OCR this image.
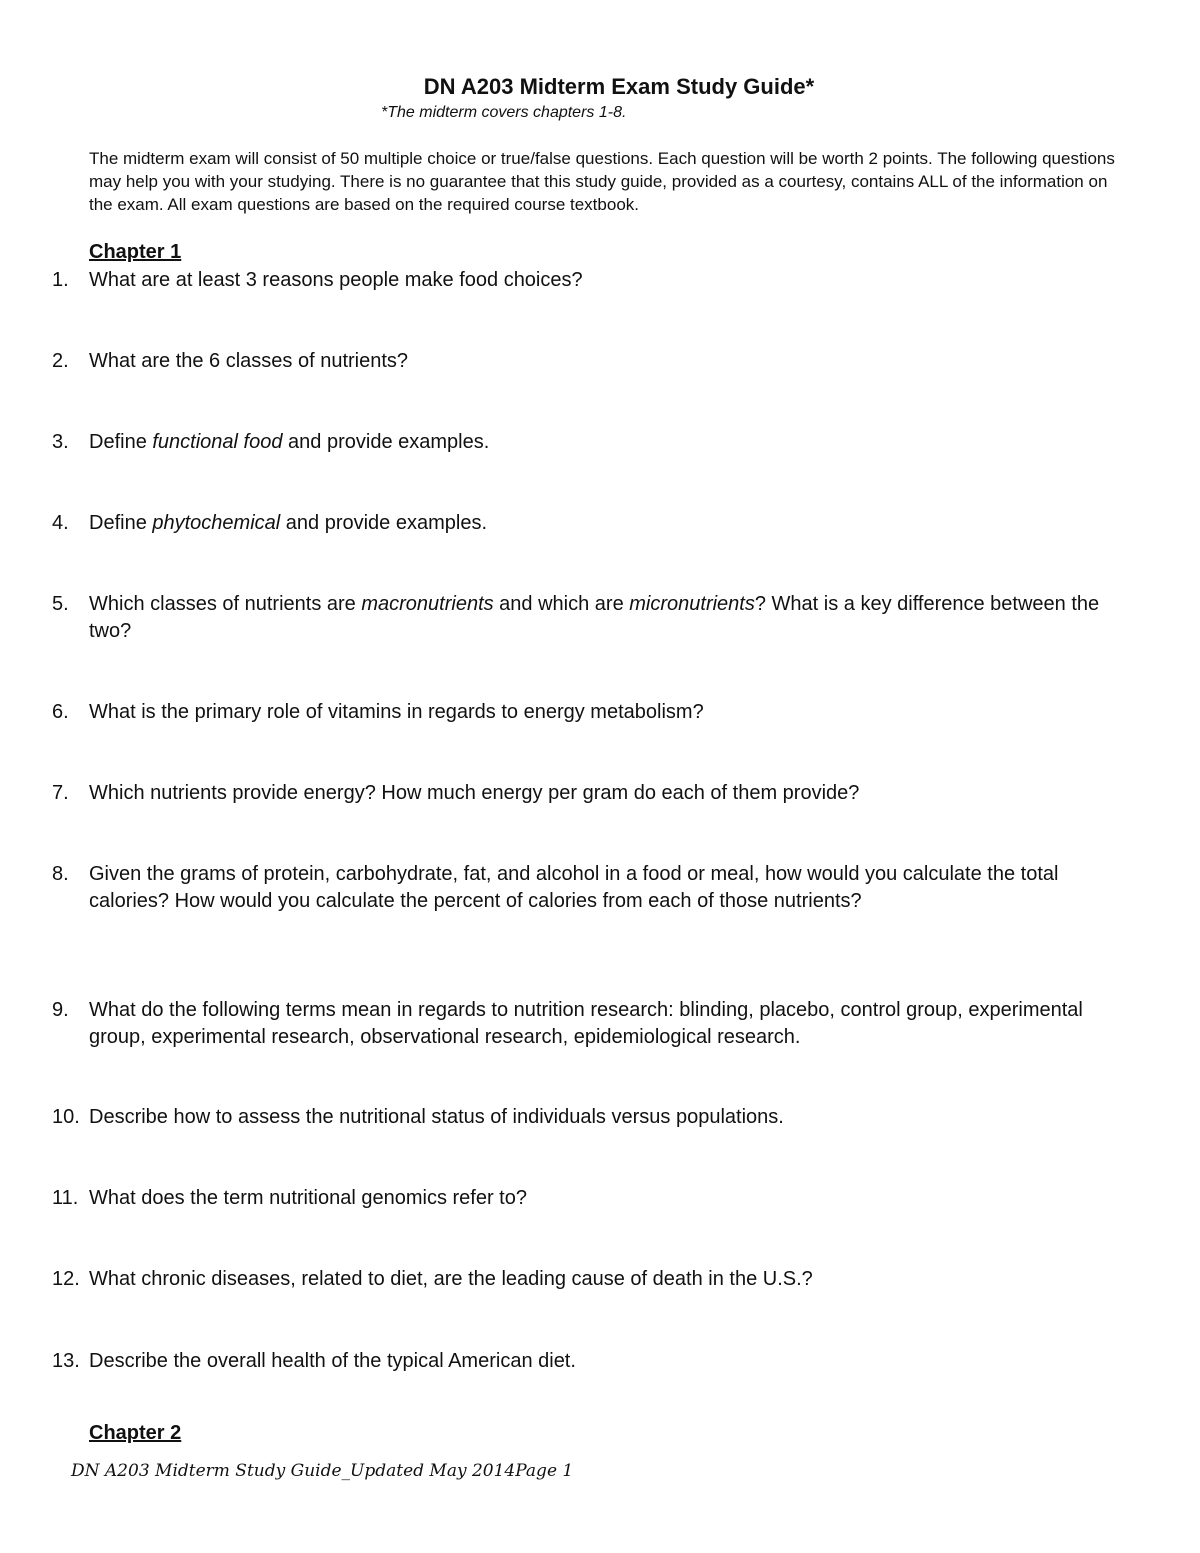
DN A203 Midterm Exam Study Guide*
*The midterm covers chapters 1-8.

The midterm exam will consist of 50 multiple choice or true/false questions. Each question will be worth 2 points. The following questions may help you with your studying. There is no guarantee that this study guide, provided as a courtesy, contains ALL of the information on the exam. All exam questions are based on the required course textbook.

Chapter 1
1.	What are at least 3 reasons people make food choices?
2.	What are the 6 classes of nutrients?
3.	Define functional food and provide examples.
4.	Define phytochemical and provide examples.
5.	Which classes of nutrients are macronutrients and which are micronutrients? What is a key difference between the two?
6.	What is the primary role of vitamins in regards to energy metabolism?
7.	Which nutrients provide energy? How much energy per gram do each of them provide?
8.	Given the grams of protein, carbohydrate, fat, and alcohol in a food or meal, how would you calculate the total calories? How would you calculate the percent of calories from each of those nutrients?
9.	What do the following terms mean in regards to nutrition research: blinding, placebo, control group, experimental group, experimental research, observational research, epidemiological research.
10. Describe how to assess the nutritional status of individuals versus populations.
11. What does the term nutritional genomics refer to?
12. What chronic diseases, related to diet, are the leading cause of death in the U.S.?
13. Describe the overall health of the typical American diet.
Chapter 2
DN A203 Midterm Study Guide_Updated May 2014Page 1
